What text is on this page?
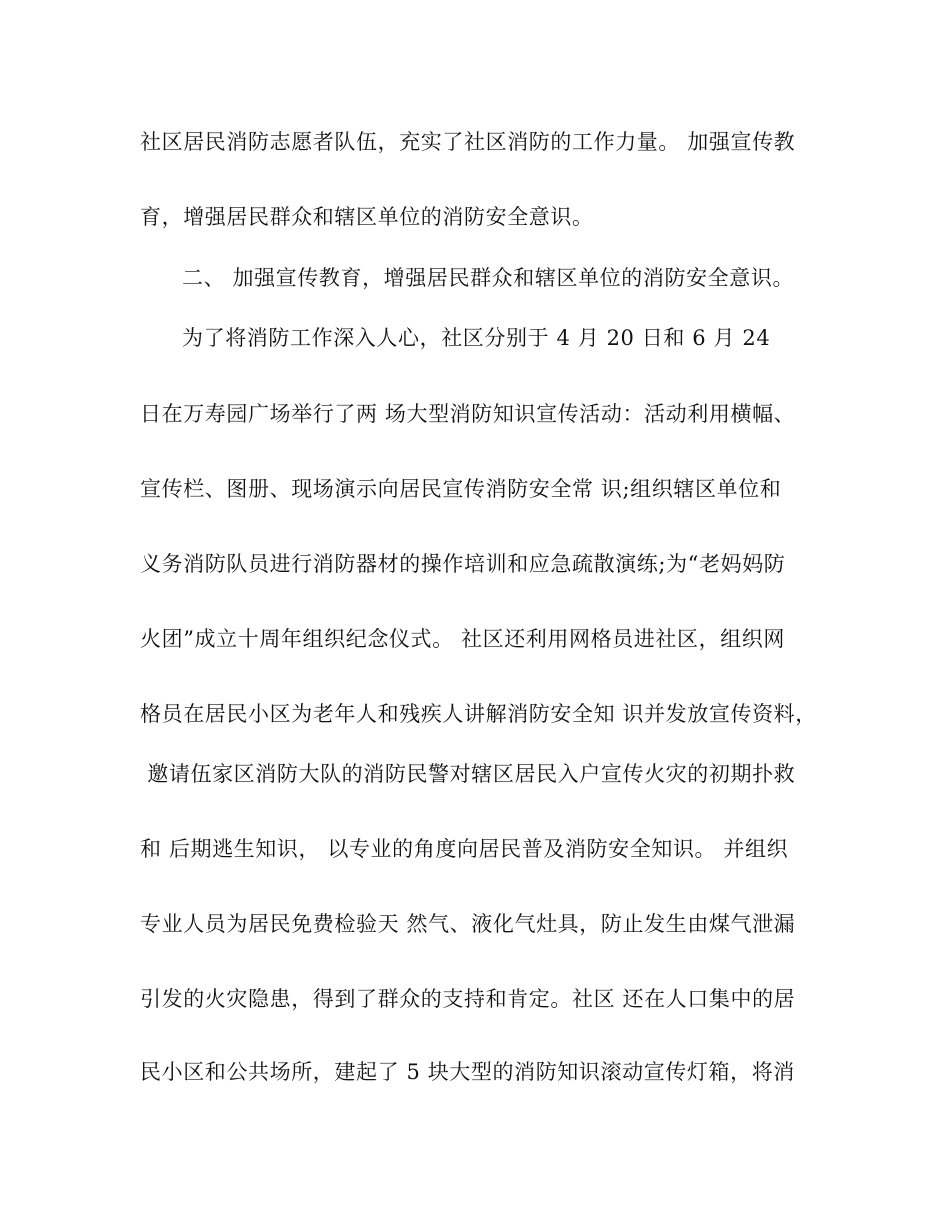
社区居民消防志愿者队伍，充实了社区消防的工作力量。 加强宣传教
育，增强居民群众和辖区单位的消防安全意识。
二、 加强宣传教育，增强居民群众和辖区单位的消防安全意识。
为了将消防工作深入人心，社区分别于 4 月 20 日和 6 月 24
日在万寿园广场举行了两 场大型消防知识宣传活动：活动利用横幅、
宣传栏、图册、现场演示向居民宣传消防安全常 识;组织辖区单位和
义务消防队员进行消防器材的操作培训和应急疏散演练;为“老妈妈防
火团”成立十周年组织纪念仪式。 社区还利用网格员进社区，组织网
格员在居民小区为老年人和残疾人讲解消防安全知 识并发放宣传资料，
邀请伍家区消防大队的消防民警对辖区居民入户宣传火灾的初期扑救
和 后期逃生知识， 以专业的角度向居民普及消防安全知识。 并组织
专业人员为居民免费检验天 然气、液化气灶具，防止发生由煤气泄漏
引发的火灾隐患，得到了群众的支持和肯定。社区 还在人口集中的居
民小区和公共场所，建起了 5 块大型的消防知识滚动宣传灯箱，将消
